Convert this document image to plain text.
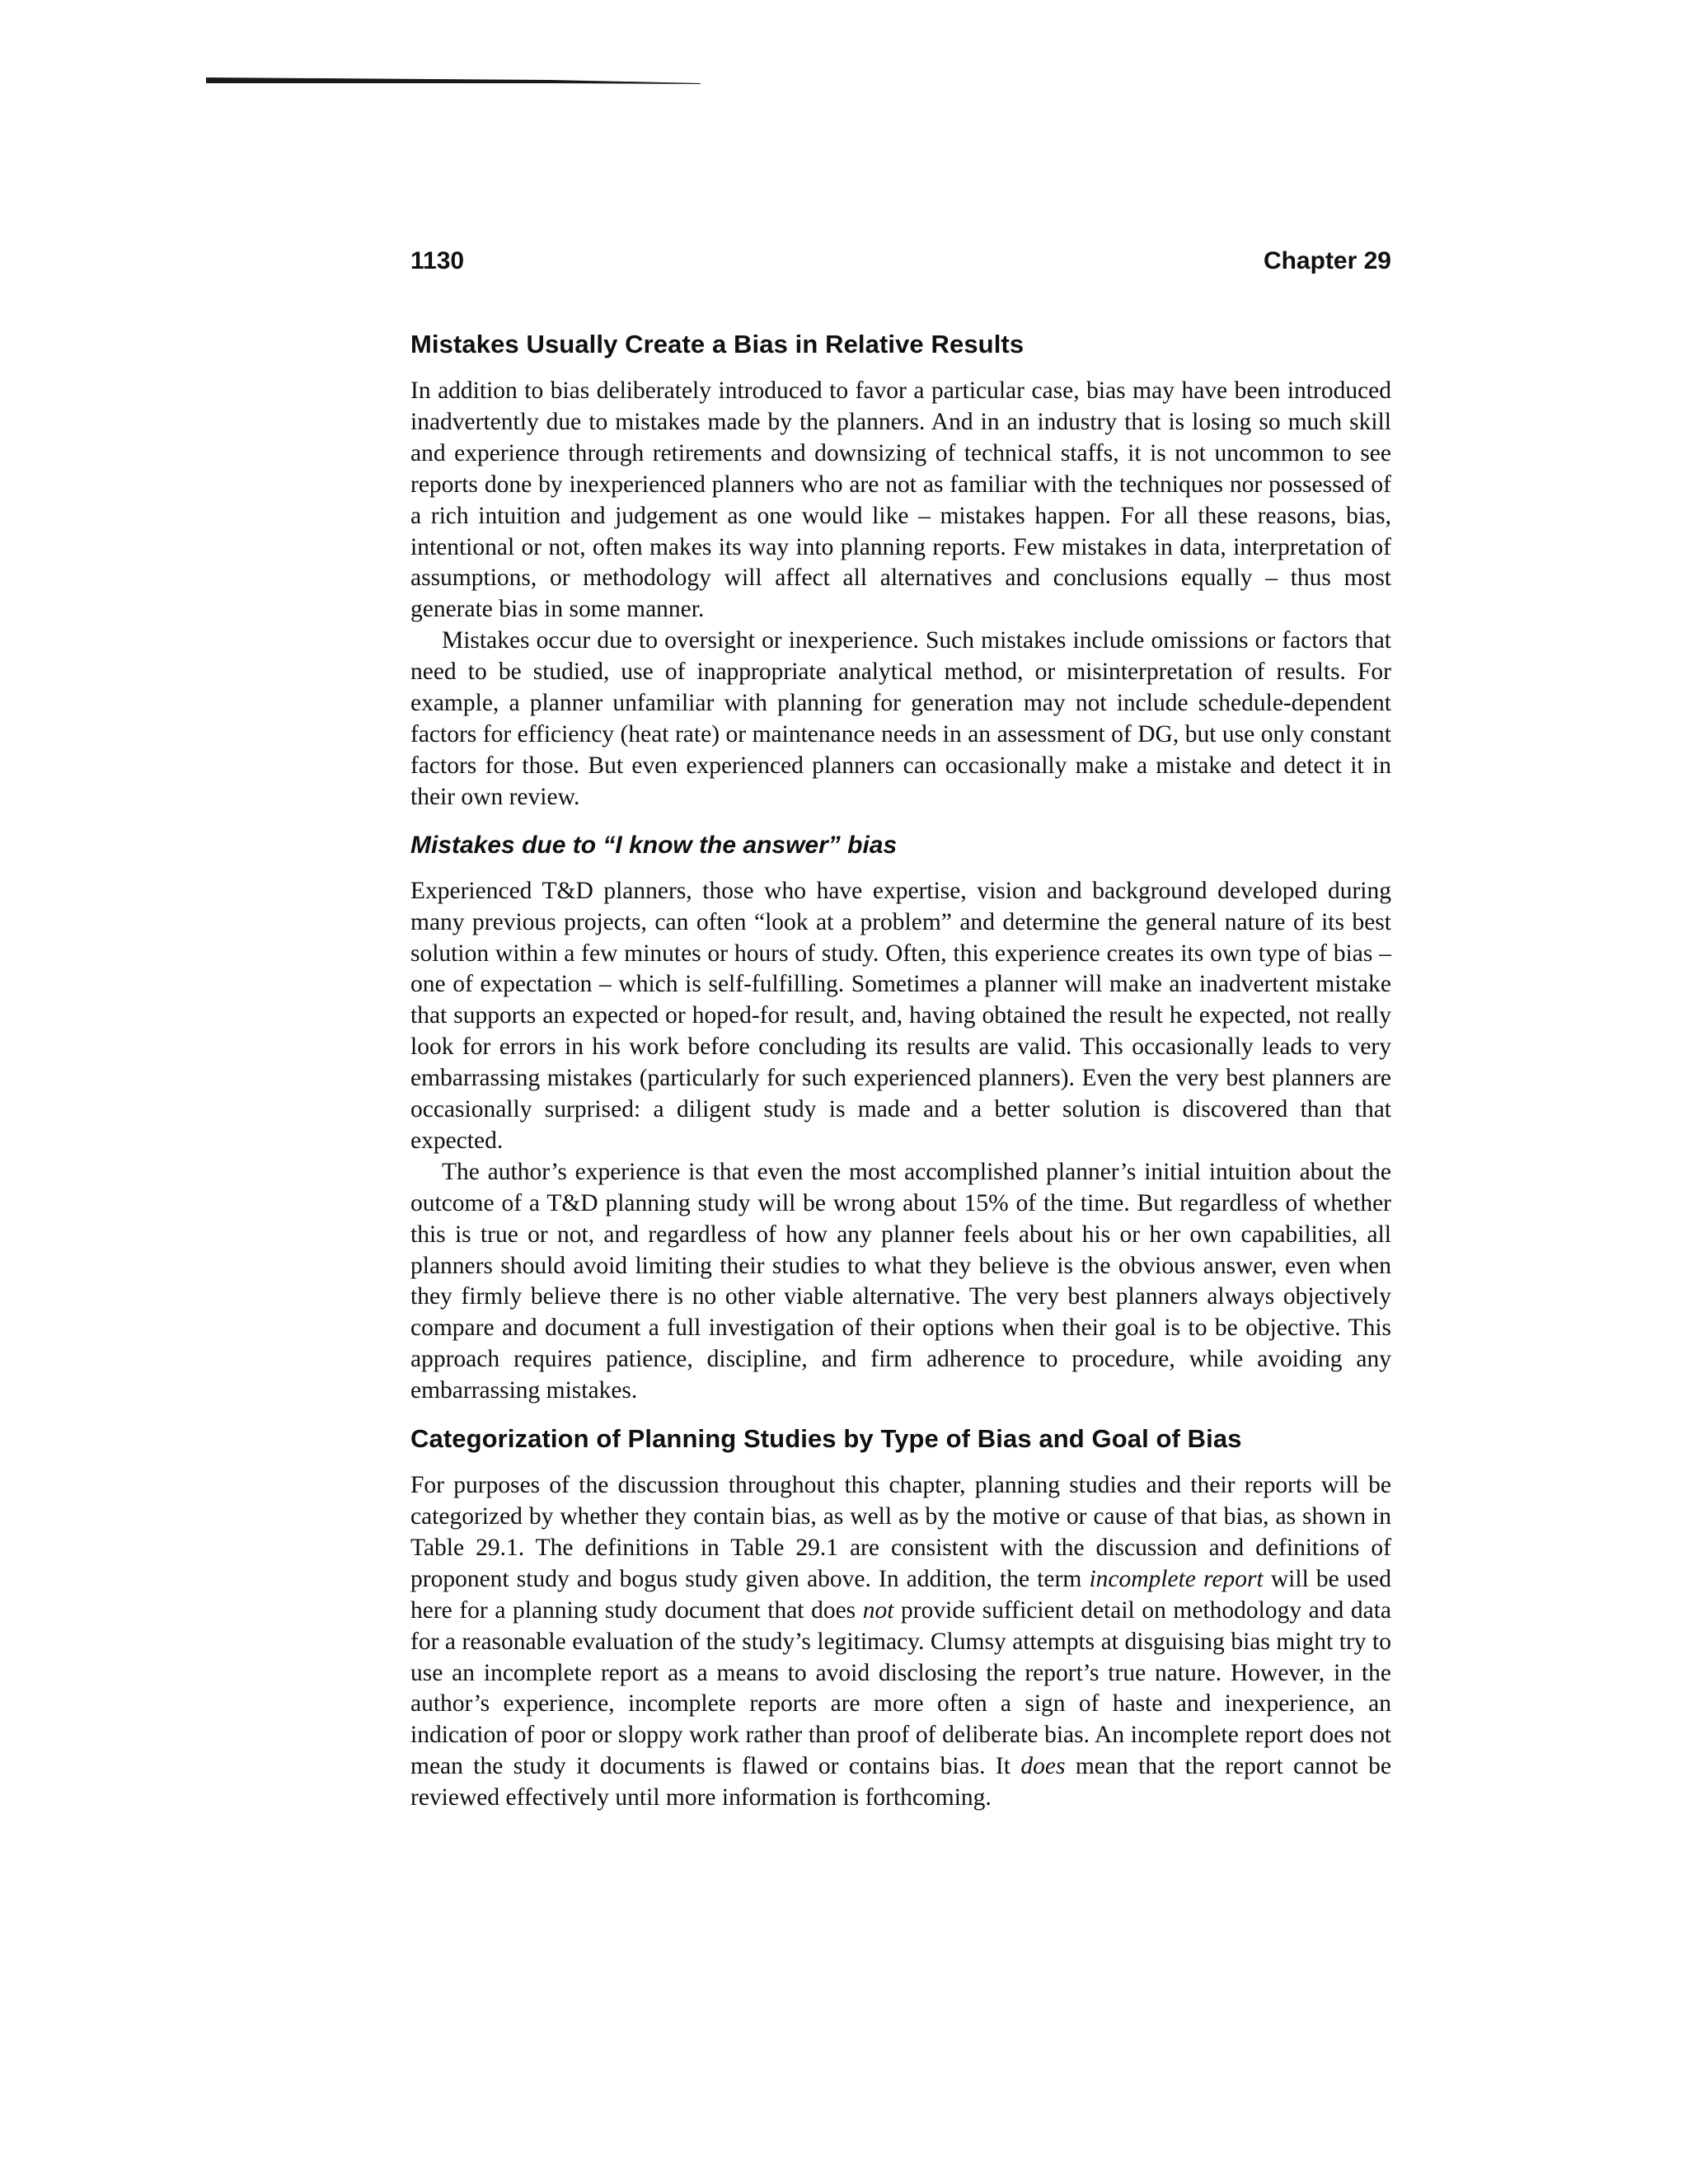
1130	Chapter 29
Mistakes Usually Create a Bias in Relative Results

In addition to bias deliberately introduced to favor a particular case, bias may have been introduced inadvertently due to mistakes made by the planners. And in an industry that is losing so much skill and experience through retirements and downsizing of technical staffs, it is not uncommon to see reports done by inexperienced planners who are not as familiar with the techniques nor possessed of a rich intuition and judgement as one would like – mistakes happen. For all these reasons, bias, intentional or not, often makes its way into planning reports. Few mistakes in data, interpretation of assumptions, or methodology will affect all alternatives and conclusions equally – thus most generate bias in some manner.

Mistakes occur due to oversight or inexperience. Such mistakes include omissions or factors that need to be studied, use of inappropriate analytical method, or misinterpretation of results. For example, a planner unfamiliar with planning for generation may not include schedule-dependent factors for efficiency (heat rate) or maintenance needs in an assessment of DG, but use only constant factors for those. But even experienced planners can occasionally make a mistake and detect it in their own review.

Mistakes due to “I know the answer” bias

Experienced T&D planners, those who have expertise, vision and background developed during many previous projects, can often “look at a problem” and determine the general nature of its best solution within a few minutes or hours of study. Often, this experience creates its own type of bias – one of expectation – which is self-fulfilling. Sometimes a planner will make an inadvertent mistake that supports an expected or hoped-for result, and, having obtained the result he expected, not really look for errors in his work before concluding its results are valid. This occasionally leads to very embarrassing mistakes (particularly for such experienced planners). Even the very best planners are occasionally surprised: a diligent study is made and a better solution is discovered than that expected.

The author’s experience is that even the most accomplished planner’s initial intuition about the outcome of a T&D planning study will be wrong about 15% of the time. But regardless of whether this is true or not, and regardless of how any planner feels about his or her own capabilities, all planners should avoid limiting their studies to what they believe is the obvious answer, even when they firmly believe there is no other viable alternative. The very best planners always objectively compare and document a full investigation of their options when their goal is to be objective. This approach requires patience, discipline, and firm adherence to procedure, while avoiding any embarrassing mistakes.

Categorization of Planning Studies by Type of Bias and Goal of Bias

For purposes of the discussion throughout this chapter, planning studies and their reports will be categorized by whether they contain bias, as well as by the motive or cause of that bias, as shown in Table 29.1. The definitions in Table 29.1 are consistent with the discussion and definitions of proponent study and bogus study given above. In addition, the term incomplete report will be used here for a planning study document that does not provide sufficient detail on methodology and data for a reasonable evaluation of the study’s legitimacy. Clumsy attempts at disguising bias might try to use an incomplete report as a means to avoid disclosing the report’s true nature. However, in the author’s experience, incomplete reports are more often a sign of haste and inexperience, an indication of poor or sloppy work rather than proof of deliberate bias. An incomplete report does not mean the study it documents is flawed or contains bias. It does mean that the report cannot be reviewed effectively until more information is forthcoming.
